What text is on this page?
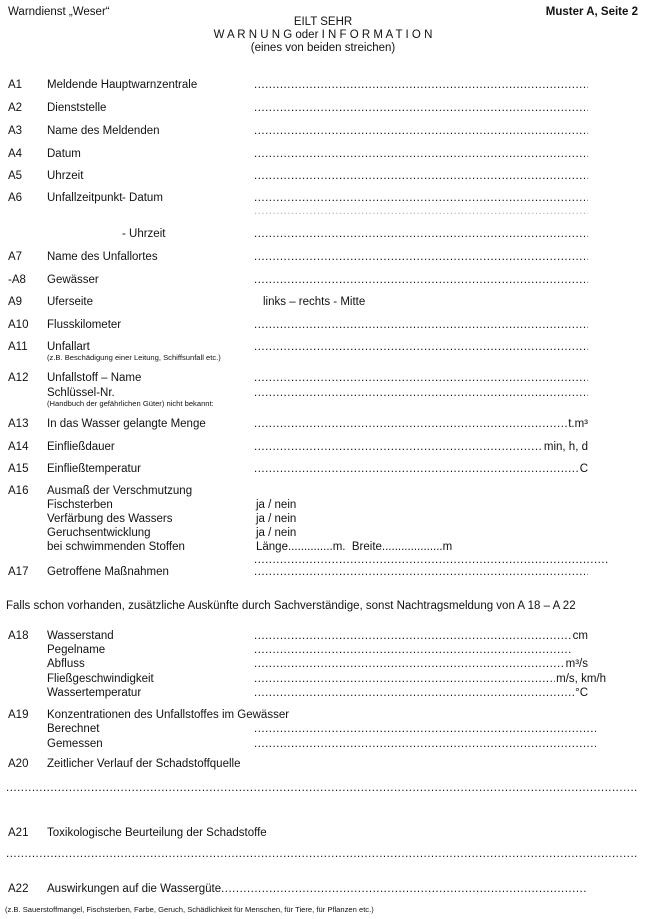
Warndienst „Weser“	Muster A, Seite 2
EILT SEHR
W A R N U N G oder I N F O R M A T I O N
(eines von beiden streichen)
A1 Meldende Hauptwarnzentrale
.....
A2 Dienststelle
.....
A3 Name des Meldenden
.....
A4 Datum
.....
A5 Uhrzeit
.....
A6 Unfallzeitpunkt - Datum
.....
.....
- Uhrzeit
.....
A7 Name des Unfallortes
.....
-A8 Gewässer
.....
A9 Uferseite	links – rechts - Mitte
A10 Flusskilometer
.....
A11 Unfallart
.....
(z.B. Beschädigung einer Leitung, Schiffsunfall etc.)
A12 Unfallstoff – Name
.....
Schlüssel-Nr.
.....
(Handbuch der gefährlichen Güter) nicht bekannt:
A13 In das Wasser gelangte Menge .....	t.m³
A14 Einfließdauer .....	min, h, d
A15 Einfließtemperatur .....	C
A16 Ausmaß der Verschmutzung
Fischsterben	ja / nein
Verfärbung des Wassers	ja / nein
Geruchsentwicklung	ja / nein
bei schwimmenden Stoffen	Länge..............m.  Breite...................m
.....
A17 Getroffene Maßnahmen
.....
Falls schon vorhanden, zusätzliche Auskünfte durch Sachverständige, sonst Nachtragsmeldung von A 18 – A 22
A18 Wasserstand .....	cm
Pegelname
.....
Abfluss .....	m³/s
Fließgeschwindigkeit .....	m/s, km/h
Wassertemperatur .....	°C
A19 Konzentrationen des Unfallstoffes im Gewässer
Berechnet
.....
Gemessen
.....
A20 Zeitlicher Verlauf der Schadstoffquelle
.....
A21 Toxikologische Beurteilung der Schadstoffe
.....
A22 Auswirkungen auf die Wassergüte
.....
(z.B. Sauerstoffmangel, Fischsterben, Farbe, Geruch, Schädlichkeit für Menschen, für Tiere, für Pflanzen etc.)
